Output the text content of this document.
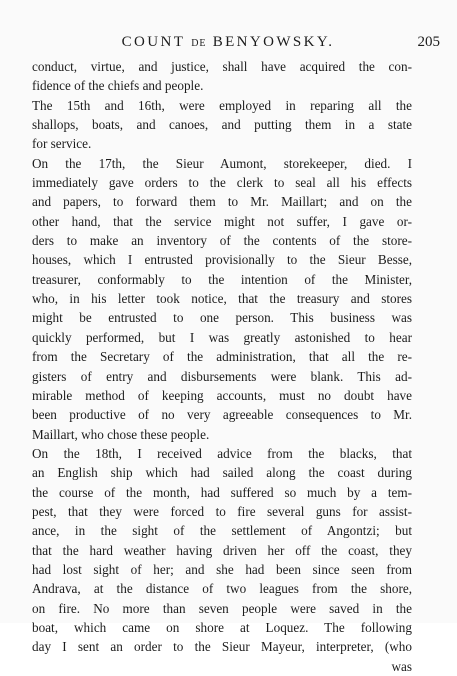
COUNT DE BENYOWSKY.	205
conduct, virtue, and justice, shall have acquired the con-
fidence of the chiefs and people.
The 15th and 16th, were employed in reparing all the
shallops, boats, and canoes, and putting them in a state
for service.
On the 17th, the Sieur Aumont, storekeeper, died. I
immediately gave orders to the clerk to seal all his effects
and papers, to forward them to Mr. Maillart; and on the
other hand, that the service might not suffer, I gave or-
ders to make an inventory of the contents of the store-
houses, which I entrusted provisionally to the Sieur Besse,
treasurer, conformably to the intention of the Minister,
who, in his letter took notice, that the treasury and stores
might be entrusted to one person. This business was
quickly performed, but I was greatly astonished to hear
from the Secretary of the administration, that all the re-
gisters of entry and disbursements were blank. This ad-
mirable method of keeping accounts, must no doubt have
been productive of no very agreeable consequences to Mr.
Maillart, who chose these people.
On the 18th, I received advice from the blacks, that
an English ship which had sailed along the coast during
the course of the month, had suffered so much by a tem-
pest, that they were forced to fire several guns for assist-
ance, in the sight of the settlement of Angontzi; but
that the hard weather having driven her off the coast, they
had lost sight of her; and she had been since seen from
Andrava, at the distance of two leagues from the shore,
on fire. No more than seven people were saved in the
boat, which came on shore at Loquez. The following
day I sent an order to the Sieur Mayeur, interpreter, (who
was
